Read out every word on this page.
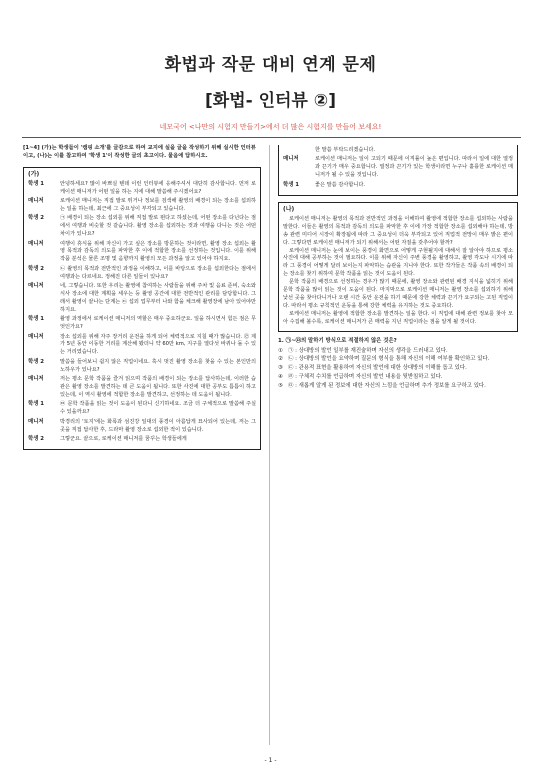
화법과 작문 대비 연계 문제
[화법- 인터뷰 ②]
네모국어 <나만의 시험지 만들기>에서 더 많은 시험지를 만들어 보세요!

[1~4] (가)는 학생들이 '캠핑 소개'를 글감으로 하여 교지에 실을 글을 작성하기 위해 실시한 인터뷰이고, (나)는 이를 참고하여 '학생 1'이 작성한 글의 초고이다. 물음에 답하시오.

(가)
학생 1	안녕하세요? 많이 바쁘실 텐데 이런 인터뷰에 응해주셔서 대단히 감사합니다. 먼저 로케이션 매니저가 어떤 일을 하는 지에 대해 말씀해 주시겠어요?
매니저	로케이션 매니저는 직접 발로 뛰거나 정보를 검색해 촬영의 배경이 되는 장소를 섭외하는 일을 하는데, 최근에 그 중요성이 부각되고 있습니다.
학생 2	㉠ 배경이 되는 장소 섭외를 위해 직접 발로 뛴다고 하셨는데, 어떤 장소를 다닌다는 점에서 여행과 비슷할 것 같습니다. 촬영 장소를 섭외하는 것과 여행을 다니는 것은 어떤 차이가 있나요?
매니저	여행이 휴식을 위해 자신이 가고 싶은 장소를 방문하는 것이라면, 촬영 장소 섭외는 촬영 목적과 감독의 의도를 파악한 후 이에 적합한 장소를 선정하는 것입니다. 이를 위해 작품 분석은 물론 조명 및 음향까지 촬영의 모든 과정을 알고 있어야 하지요.
학생 2	㉡ 촬영의 목적과 전반적인 과정을 이해하고, 이를 바탕으로 장소를 섭외한다는 점에서 여행과는 다르네요. 정해진 다른 일들이 있나요?
매니저	네, 그렇습니다. 또한 우리는 촬영에 참여하는 사람들을 위해 주차 및 음료 준비, 숙소와 식사 장소에 대한 계획을 세우는 등 촬영 공간에 대한 전반적인 관리를 담당합니다. 그래서 촬영이 끝나는 단계는 ㉢ 섭외 업무부터 나와 함을 체크해 촬영장에 남아 있어야만 하지요.
학생 1	촬영 과정에서 로케이션 매니저의 역할은 매우 중요하군요. 일을 하시면서 힘든 점은 무엇인가요?
매니저	장소 섭외를 위해 자주 장거리 운전을 하게 되어 체력적으로 지칠 때가 많습니다. ㉣ 제가 5년 동안 이동한 거리를 계산해 봤더니 약 60만 km, 지구를 열다섯 바퀴나 돌 수 있는 거리였습니다.
학생 2	말씀을 들어보니 쉽지 않은 직업이네요. 혹시 멋진 촬영 장소를 찾을 수 있는 본인만의 노하우가 있나요?
매니저	저는 평소 문학 작품을 즐겨 읽으며 작품의 배경이 되는 장소를 답사하는데, 이러한 습관은 촬영 장소를 발견하는 데 큰 도움이 됩니다. 또한 사진에 대한 공부도 틈틈이 하고 있는데, 이 역시 촬영에 적합한 장소를 발견하고, 선정하는 데 도움이 됩니다.
학생 1	㉤ 문학 작품을 읽는 것이 도움이 된다니 신기하네요. 조금 더 구체적으로 말씀해 주실 수 있을까요?
매니저	박경리의 '토지'에는 화폭과 섬진강 일대의 풍경이 아름답게 묘사되어 있는데, 저는 그곳을 직접 답사한 후, 드라마 촬영 장소로 섭외한 적이 있습니다.
학생 2	그렇군요. 끝으로, 로케이션 매니저를 꿈꾸는 학생들에게
한 말씀 부탁드리겠습니다.
매니저	로케이션 매니저는 일이 고되기 때문에 이직률이 높은 편입니다. 따라서 일에 대한 열정과 끈기가 매우 중요합니다. 열정과 끈기가 있는 학생이라면 누구나 훌륭한 로케이션 매니저가 될 수 있을 것입니다.
학생 1	좋은 말씀 감사합니다.
(나)

로케이션 매니저는 촬영의 목적과 전반적인 과정을 이해하여 촬영에 적합한 장소를 섭외하는 사람을 말한다. 이들은 촬영의 목적과 감독의 의도를 파악한 후 이에 가장 적합한 장소를 섭외해야 하는데, 방송 관련 미디어 시장이 확장됨에 따라 그 중요성이 더욱 부각되고 있어 직업적 전망이 매우 밝은 편이다. 그렇다면 로케이션 매니저가 되기 위해서는 어떤 자질을 갖추어야 할까?

로케이션 매니저는 눈에 보이는 풍경이 화면으로 어떻게 구현될지에 대해서 잘 알아야 하므로 평소 사진에 대해 공부하는 것이 필요하다. 이를 위해 자신이 주변 풍경을 촬영하고, 촬영 각도나 시기에 따라 그 풍경이 어떻게 달리 보이는지 파악하는 습관을 지니야 한다. 또한 작가들은 작품 속의 배경이 되는 장소를 찾기 위하여 문학 작품을 읽는 것이 도움이 된다.

문학 작품의 배경으로 선정하는 경우가 많기 때문에, 촬영 장소와 관련된 배경 지식을 넓히기 위해 문학 작품을 많이 읽는 것이 도움이 된다. 마지막으로 로케이션 매니저는 촬영 장소를 섭외하기 위해 낯선 곳을 찾아다니거나 오랜 시간 동안 운전을 하기 때문에 강한 체력과 끈기가 요구되는 고된 직업이다. 따라서 평소 규칙적인 운동을 통해 강한 체력을 유지하는 것도 중요하다.

로케이션 매니저는 촬영에 적합한 장소를 발견하는 일을 한다. 이 직업에 대해 관련 정보를 찾아 모아 수집해 볼수록, 로케이션 매니저가 큰 매력을 지닌 직업이라는 점을 알게 될 것이다.

1. ㉠~㉤의 말하기 방식으로 적절하지 않은 것은?

① ㉠ : 상대방의 발언 일부를 재진술하며 자신의 생각을 드러내고 있다.
② ㉡ : 상대방의 발언을 요약하며 질문의 형식을 통해 자신의 이해 여부를 확인하고 있다.
③ ㉢ : 관용적 표현을 활용하여 자신의 발언에 대한 상대방의 이해를 돕고 있다.
④ ㉣ : 구체적 수치를 언급하며 자신의 발언 내용을 뒷받침하고 있다.
⑤ ㉤ : 새롭게 알게 된 정보에 대한 자신의 느낌을 언급하며 추가 정보를 요구하고 있다.
- 1 -
